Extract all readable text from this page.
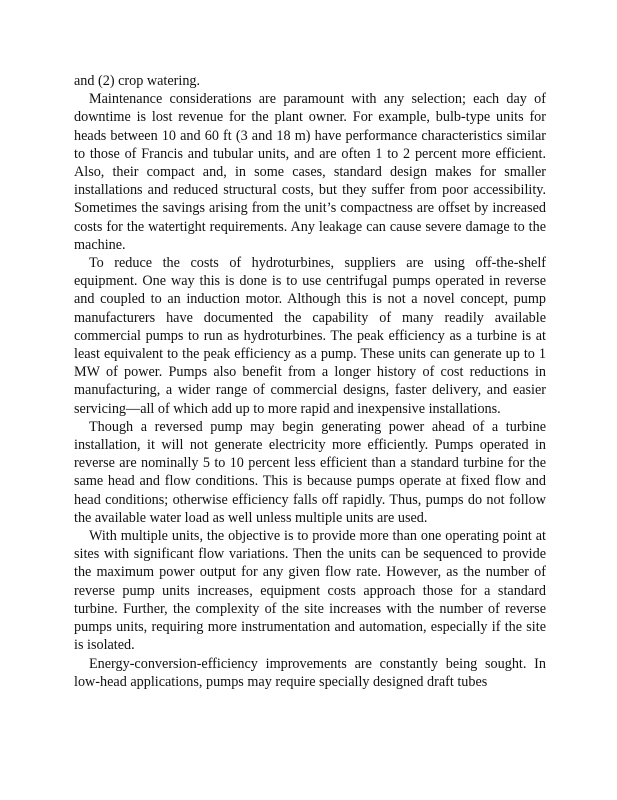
and (2) crop watering.

Maintenance considerations are paramount with any selection; each day of downtime is lost revenue for the plant owner. For example, bulb-type units for heads between 10 and 60 ft (3 and 18 m) have performance characteristics similar to those of Francis and tubular units, and are often 1 to 2 percent more efficient. Also, their compact and, in some cases, standard design makes for smaller installations and reduced structural costs, but they suffer from poor accessibility. Sometimes the savings arising from the unit’s compactness are offset by increased costs for the watertight requirements. Any leakage can cause severe damage to the machine.

To reduce the costs of hydroturbines, suppliers are using off-the-shelf equipment. One way this is done is to use centrifugal pumps operated in reverse and coupled to an induction motor. Although this is not a novel concept, pump manufacturers have documented the capability of many readily available commercial pumps to run as hydroturbines. The peak efficiency as a turbine is at least equivalent to the peak efficiency as a pump. These units can generate up to 1 MW of power. Pumps also benefit from a longer history of cost reductions in manufacturing, a wider range of commercial designs, faster delivery, and easier servicing—all of which add up to more rapid and inexpensive installations.

Though a reversed pump may begin generating power ahead of a turbine installation, it will not generate electricity more efficiently. Pumps operated in reverse are nominally 5 to 10 percent less efficient than a standard turbine for the same head and flow conditions. This is because pumps operate at fixed flow and head conditions; otherwise efficiency falls off rapidly. Thus, pumps do not follow the available water load as well unless multiple units are used.

With multiple units, the objective is to provide more than one operating point at sites with significant flow variations. Then the units can be sequenced to provide the maximum power output for any given flow rate. However, as the number of reverse pump units increases, equipment costs approach those for a standard turbine. Further, the complexity of the site increases with the number of reverse pumps units, requiring more instrumentation and automation, especially if the site is isolated.

Energy-conversion-efficiency improvements are constantly being sought. In low-head applications, pumps may require specially designed draft tubes
